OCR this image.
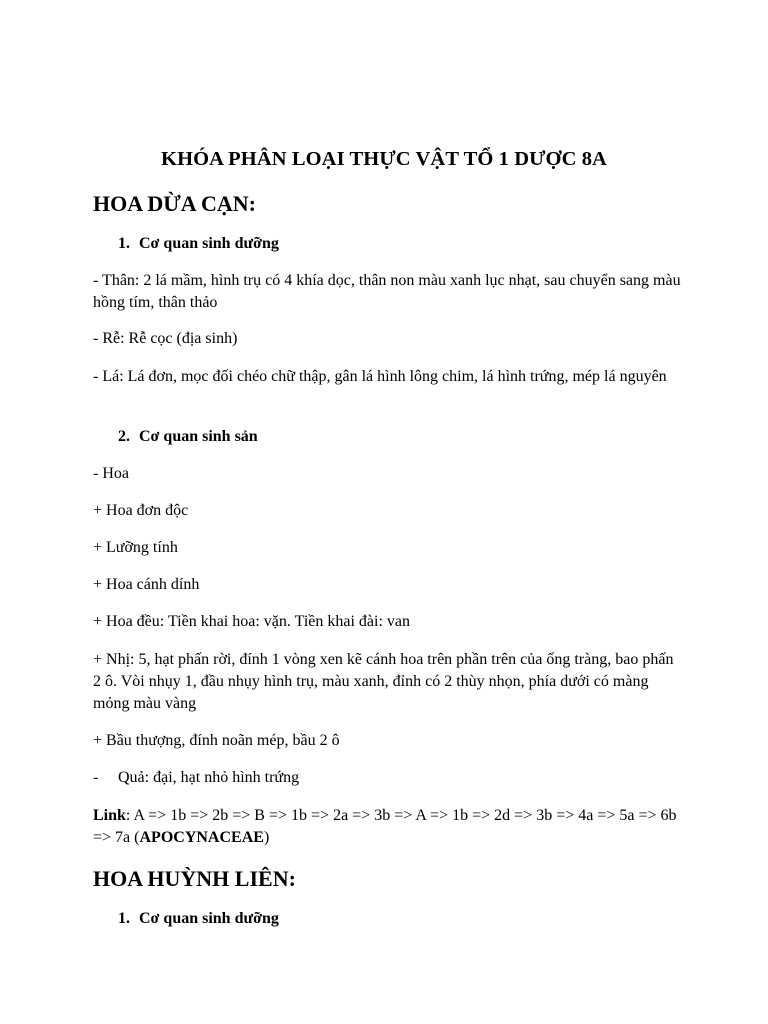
KHÓA PHÂN LOẠI THỰC VẬT TỔ 1 DƯỢC 8A
HOA DỪA CẠN:
1. Cơ quan sinh dưỡng
- Thân: 2 lá mầm, hình trụ có 4 khía dọc, thân non màu xanh lục nhạt, sau chuyển sang màu hồng tím, thân thảo
- Rễ: Rễ cọc (địa sinh)
- Lá: Lá đơn, mọc đối chéo chữ thập, gân lá hình lông chim, lá hình trứng, mép lá nguyên
2. Cơ quan sinh sản
- Hoa
+ Hoa đơn độc
+ Lưỡng tính
+ Hoa cánh dính
+ Hoa đều: Tiền khai hoa: vặn. Tiền khai đài: van
+ Nhị: 5, hạt phấn rời, đính 1 vòng xen kẽ cánh hoa trên phần trên của ống tràng, bao phấn 2 ô. Vòi nhụy 1, đầu nhụy hình trụ, màu xanh, đỉnh có 2 thùy nhọn, phía dưới có màng mỏng màu vàng
+ Bầu thượng, đính noãn mép, bầu 2 ô
- Quả: đại, hạt nhỏ hình trứng
Link: A => 1b => 2b => B => 1b => 2a => 3b => A => 1b => 2d => 3b => 4a => 5a => 6b => 7a (APOCYNACEAE)
HOA HUỲNH LIÊN:
1. Cơ quan sinh dưỡng
